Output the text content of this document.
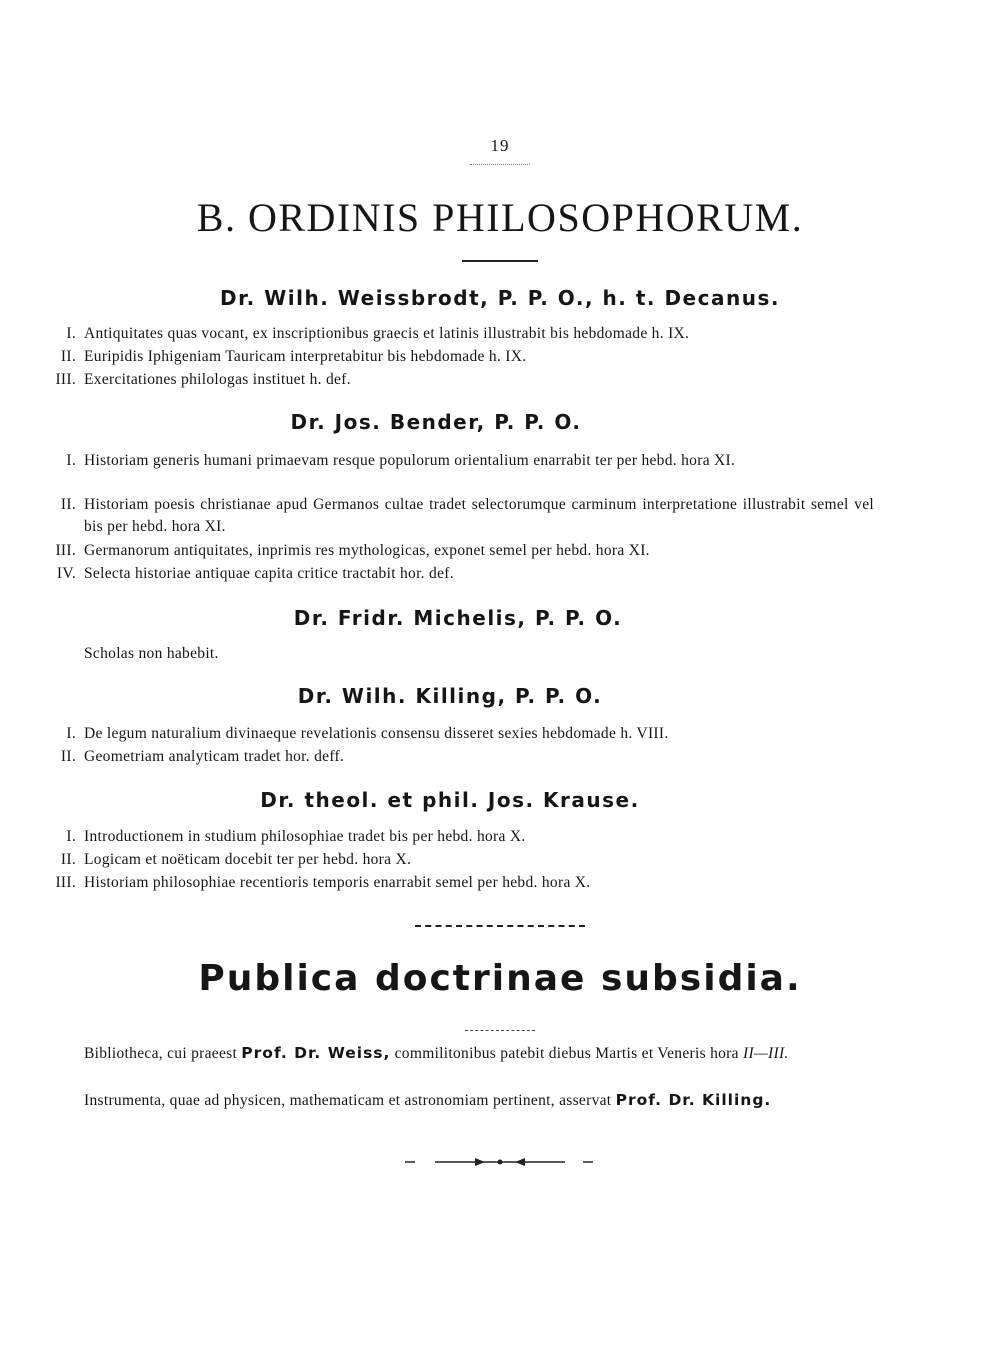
19
B. ORDINIS PHILOSOPHORUM.
Dr. Wilh. Weissbrodt, P. P. O., h. t. Decanus.
I. Antiquitates quas vocant, ex inscriptionibus graecis et latinis illustrabit bis hebdomade h. IX.
II. Euripidis Iphigeniam Tauricam interpretabitur bis hebdomade h. IX.
III. Exercitationes philologas instituet h. def.
Dr. Jos. Bender, P. P. O.
I. Historiam generis humani primaevam resque populorum orientalium enarrabit ter per hebd. hora XI.
II. Historiam poesis christianae apud Germanos cultae tradet selectorumque carminum interpretatione illustrabit semel vel bis per hebd. hora XI.
III. Germanorum antiquitates, inprimis res mythologicas, exponet semel per hebd. hora XI.
IV. Selecta historiae antiquae capita critice tractabit hor. def.
Dr. Fridr. Michelis, P. P. O.
Scholas non habebit.
Dr. Wilh. Killing, P. P. O.
I. De legum naturalium divinaeque revelationis consensu disseret sexies hebdomade h. VIII.
II. Geometriam analyticam tradet hor. deff.
Dr. theol. et phil. Jos. Krause.
I. Introductionem in studium philosophiae tradet bis per hebd. hora X.
II. Logicam et noëticam docebit ter per hebd. hora X.
III. Historiam philosophiae recentioris temporis enarrabit semel per hebd. hora X.
Publica doctrinae subsidia.
Bibliotheca, cui praeest Prof. Dr. Weiss, commilitonibus patebit diebus Martis et Veneris hora II—III.
Instrumenta, quae ad physicen, mathematicam et astronomiam pertinent, asservat Prof. Dr. Killing.
